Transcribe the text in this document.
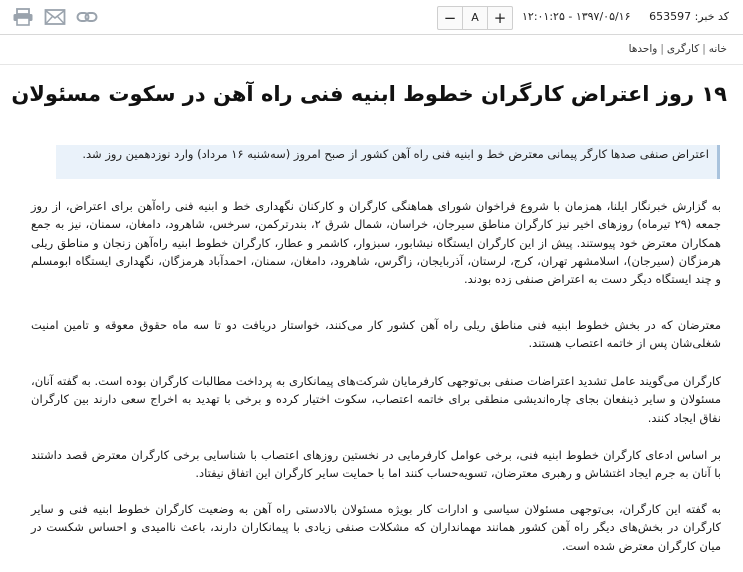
−	A +	۱۲:۰۱:۲۵ - ۱۳۹۷/۰۵/۱۶	کد خبر: 653597
خانه|کارگری|واحدها
۱۹ روز اعتراض کارگران خطوط ابنیه فنی راه آهن در سکوت مسئولان
اعتراض صنفی صدها کارگر پیمانی معترض خط و ابنیه فنی راه آهن کشور از صبح امروز (سه‌شنبه ۱۶ مرداد) وارد نوزدهمین روز شد.

به گزارش خبرنگار ایلنا، همزمان با شروع فراخوان شورای هماهنگی کارگران و کارکنان نگهداری خط و ابنیه فنی راه‌آهن برای اعتراض، از روز جمعه (۲۹ تیرماه) روزهای اخیر نیز کارگران مناطق سیرجان، خراسان، شمال شرق ۲، بندرترکمن، سرخس، شاهرود، دامغان، سمنان، نیز به جمع همکاران معترض خود پیوستند. پیش از این کارگران ایستگاه نیشابور، سبزوار، کاشمر و عطار، کارگران خطوط ابنیه راه‌آهن زنجان و مناطق ریلی هرمزگان (سیرجان)، اسلامشهر تهران، کرج، لرستان، آذربایجان، زاگرس، شاهرود، دامغان، سمنان، احمدآباد هرمزگان، نگهداری ایستگاه ابومسلم و چند ایستگاه دیگر دست به اعتراض صنفی زده بودند.

معترضان که در بخش خطوط ابنیه فنی مناطق ریلی راه آهن کشور کار می‌کنند، خواستار دریافت دو تا سه ماه حقوق معوقه و تامین امنیت شغلی‌شان پس از خاتمه اعتصاب هستند.

کارگران می‌گویند عامل تشدید اعتراضات صنفی بی‌توجهی کارفرمایان شرکت‌های پیمانکاری به پرداخت مطالبات کارگران بوده است. به گفته آنان، مسئولان و سایر ذینفعان بجای چاره‌اندیشی منطقی برای خاتمه اعتصاب، سکوت اختیار کرده و برخی با تهدید به اخراج سعی دارند بین کارگران نفاق ایجاد کنند.

بر اساس ادعای کارگران خطوط ابنیه فنی، برخی عوامل کارفرمایی در نخستین روزهای اعتصاب با شناسایی برخی کارگران معترض قصد داشتند با آنان به جرم ایجاد اغتشاش و رهبری معترضان، تسویه‌حساب کنند اما با حمایت سایر کارگران این اتفاق نیفتاد.

به گفته این کارگران، بی‌توجهی مسئولان سیاسی و ادارات کار بویژه مسئولان بالادستی راه آهن به وضعیت کارگران خطوط ابنیه فنی و سایر کارگران در بخش‌های دیگر راه آهن کشور همانند مهمانداران که مشکلات صنفی زیادی با پیمانکاران دارند، باعث ناامیدی و احساس شکست در میان کارگران معترض شده است.
